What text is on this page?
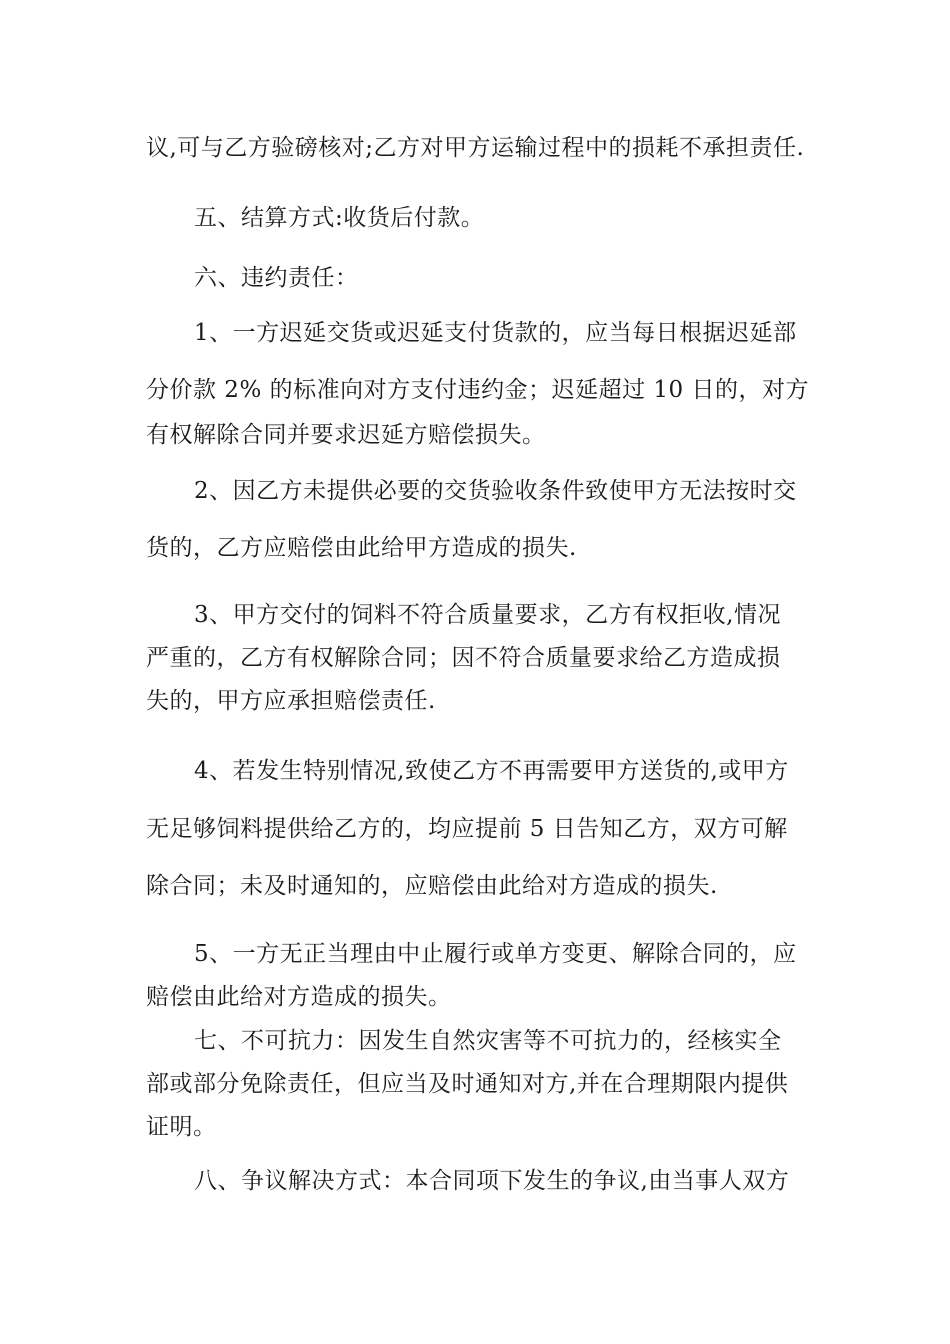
议,可与乙方验磅核对;乙方对甲方运输过程中的损耗不承担责任.
五、结算方式:收货后付款。
六、违约责任：
1、一方迟延交货或迟延支付货款的，应当每日根据迟延部
分价款 2% 的标准向对方支付违约金；迟延超过 10 日的，对方
有权解除合同并要求迟延方赔偿损失。
2、因乙方未提供必要的交货验收条件致使甲方无法按时交
货的，乙方应赔偿由此给甲方造成的损失.
3、甲方交付的饲料不符合质量要求，乙方有权拒收,情况
严重的，乙方有权解除合同；因不符合质量要求给乙方造成损
失的，甲方应承担赔偿责任.
4、若发生特别情况,致使乙方不再需要甲方送货的,或甲方
无足够饲料提供给乙方的，均应提前 5 日告知乙方，双方可解
除合同；未及时通知的，应赔偿由此给对方造成的损失.
5、一方无正当理由中止履行或单方变更、解除合同的，应
赔偿由此给对方造成的损失。
七、不可抗力：因发生自然灾害等不可抗力的，经核实全
部或部分免除责任，但应当及时通知对方,并在合理期限内提供
证明。
八、争议解决方式：本合同项下发生的争议,由当事人双方
